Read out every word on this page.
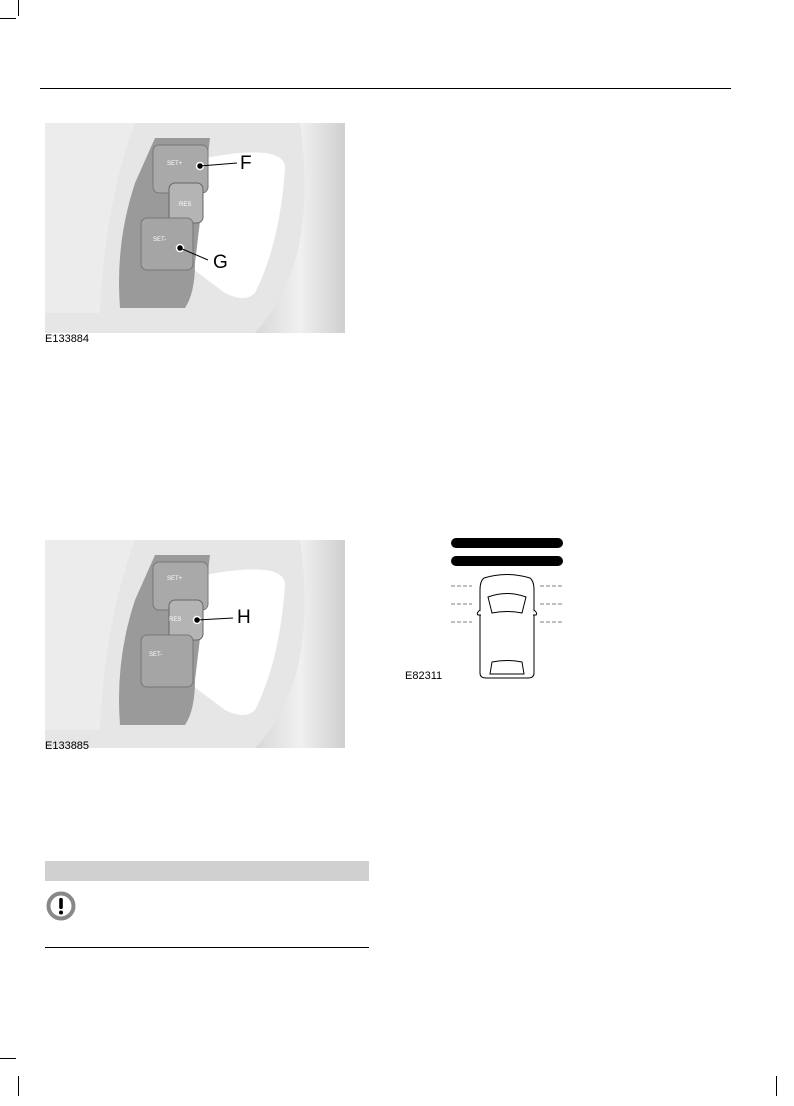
SET+
RES
SET-
F
G
E133884
SET+
RES
SET-
H
E133885
E82311
